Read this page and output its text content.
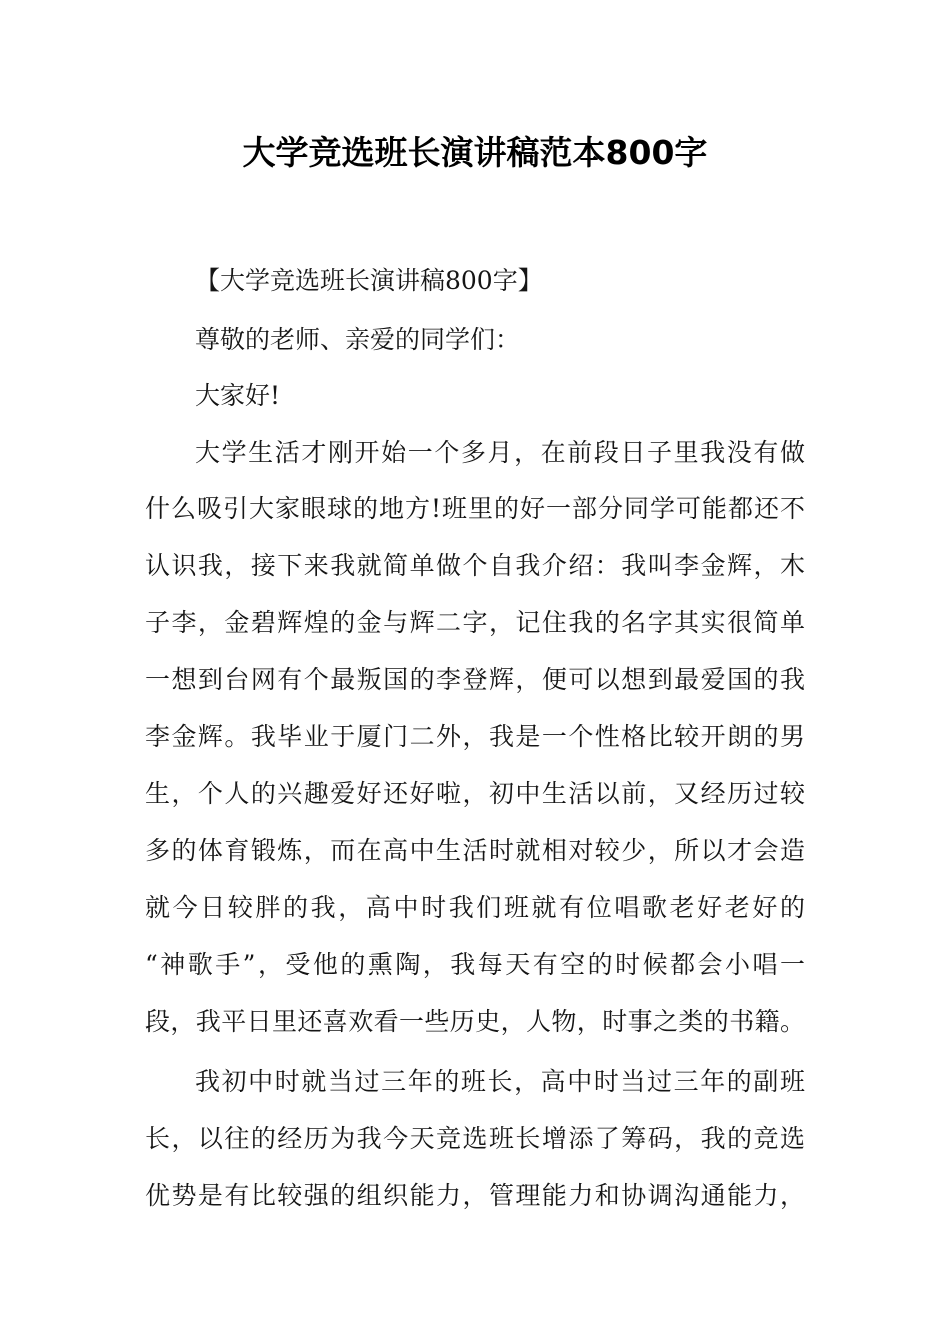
大学竞选班长演讲稿范本800字
【大学竞选班长演讲稿800字】
尊敬的老师、亲爱的同学们：
大家好!
大学生活才刚开始一个多月，在前段日子里我没有做
什么吸引大家眼球的地方!班里的好一部分同学可能都还不
认识我，接下来我就简单做个自我介绍：我叫李金辉，木
子李，金碧辉煌的金与辉二字，记住我的名字其实很简单
一想到台网有个最叛国的李登辉，便可以想到最爱国的我
李金辉。我毕业于厦门二外，我是一个性格比较开朗的男
生，个人的兴趣爱好还好啦，初中生活以前，又经历过较
多的体育锻炼，而在高中生活时就相对较少，所以才会造
就今日较胖的我，高中时我们班就有位唱歌老好老好的
“神歌手”，受他的熏陶，我每天有空的时候都会小唱一
段，我平日里还喜欢看一些历史，人物，时事之类的书籍。
我初中时就当过三年的班长，高中时当过三年的副班
长，以往的经历为我今天竞选班长增添了筹码，我的竞选
优势是有比较强的组织能力，管理能力和协调沟通能力，
